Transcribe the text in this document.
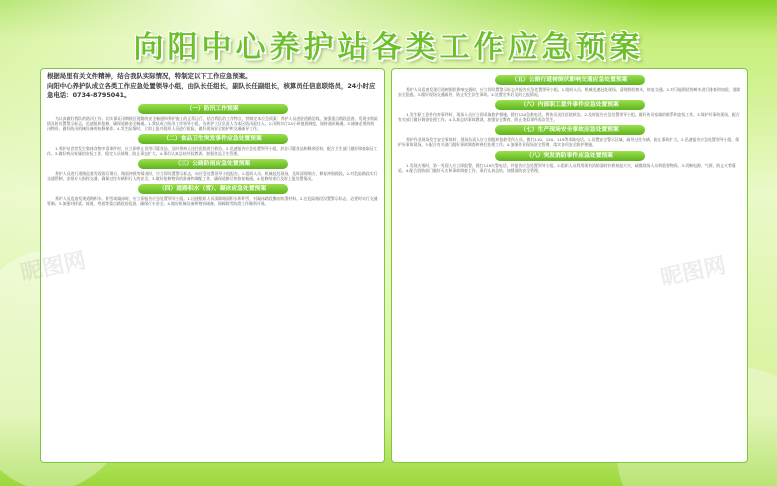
向阳中心养护站各类工作应急预案
根据局里有关文件精神，结合我队实际情况，特制定以下工作应急预案。
向阳中心养护队成立各类工作应急处置领导小组，由队长任组长，副队长任副组长，核算员任信息联络员，24小时应急电话：0734-8795041。
（一）防汛工作预案

为认真做好我队的防汛工作，切实保证汛期辖区道路的安全畅通和养护施工的正常运行，结合我队的工作特点，特制定本应急预案：养护人员进驻道路沿线，加强重点路段巡查，发现水毁险情及时设置警示标志，迅速组织抢修，确保道路安全畅通。1.我队成立防汛工作领导小组，各养护工区负责人为本区防汛责任人。2.汛期实行24小时值班制度，保持通讯畅通。3.储备必要的防汛物资，做好防汛机械设备的检修保养。4.发生险情时，立即上报并组织人员进行抢险，做好现场安全防护和交通疏导工作。

（二）食品卫生突发事件应急处置预案

1.养护站食堂发生集体食物中毒事件时，应立即停止食用可疑食品，及时将病人送往医院进行救治。2.迅速报告应急处置领导小组，封存可疑食品和剩余原料，配合卫生部门做好调查取证工作。3.做好病员家属的安抚工作，稳定人员情绪，防止事态扩大。4.事后认真总结经验教训，加强食品卫生管理。

（三）公路防雨应急处置预案

养护人员进行道路巡查发现雨后塌方、路面冲毁等情况时，应立即设置警示标志，向应急处置领导小组报告。1.组织人员、机械赶赴现场，及时清理塌方，修复冲毁路段。2.对危险路段实行交通管制，安排专人指挥交通，确保过往车辆和行人的安全。3.做好抢修物资的准备和调配工作，确保道路尽快恢复畅通。4.抢修结束后及时上报处置情况。

（四）道路积水（雪）、凝冰应急处置预案

养护人员巡查发现道路积水、积雪或凝冰时，应立即报告应急处置领导小组。1.迅速组织人员清除路面积水和积雪，对凝冰路段撒布防滑材料。2.在危险路段设置警示标志，必要时实行交通管制。3.加强对桥梁、坡道、弯道等重点路段的巡查，确保行车安全。4.做好机械设备和物资储备，保障除雪防滑工作顺利开展。

（五）公路行道树倒伏影响交通应急处置预案

养护人员巡查发现行道树倒伏影响交通时，应立即设置警示标志并报告应急处置领导小组。1.组织人员、机械迅速赶赴现场，清理倒伏树木，恢复交通。2.对可能倒伏的树木进行排查和加固，消除安全隐患。3.做好现场交通疏导，防止发生次生事故。4.处置完毕后及时上报情况。

（六）内部职工意外事件应急处置预案

1.发生职工意外伤害事件时，现场人员应立即采取救护措施，拨打120急救电话，将伤员送往医院救治。2.及时报告应急处置领导小组，做好伤员家属的联系和安抚工作。3.保护好事故现场，配合有关部门做好调查处理工作。4.认真总结事故教训，加强安全教育，防止类似事件再次发生。

（七）生产现场安全事故应急处置预案

养护作业现场发生安全事故时，现场负责人应立即组织抢救受伤人员，拨打110、120、119等求助电话。1.设置安全警示区域，疏导过往车辆，防止事故扩大。2.迅速报告应急处置领导小组，保护好事故现场。3.配合有关部门做好事故调查和善后处理工作。4.加强作业现场安全管理，落实各项安全防护措施。

（八）突发消防事件应急处置预案

1.发现火情时，第一发现人应立即报警，拨打119火警电话，并报告应急处置领导小组。2.组织人员利用现有消防器材扑救初起火灾，疏散现场人员和重要物资。3.切断电源、气源，防止火势蔓延。4.配合消防部门做好灭火和事故调查工作，事后认真总结，加强消防安全管理。

昵图网	昵图网
